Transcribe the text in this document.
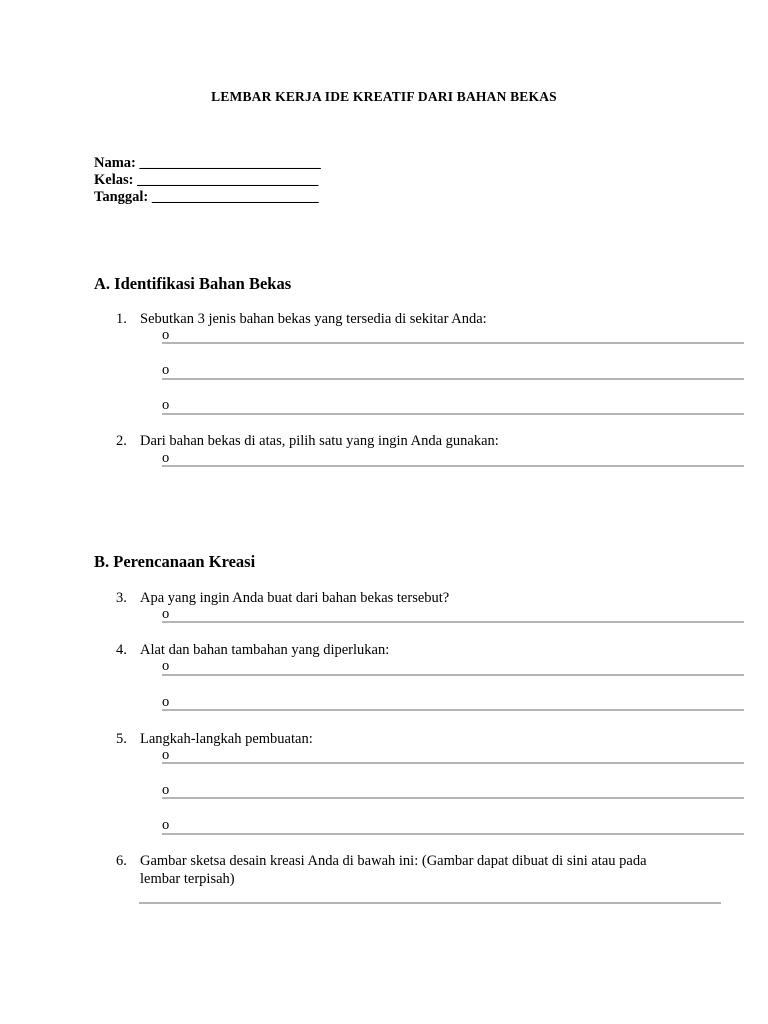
LEMBAR KERJA IDE KREATIF DARI BAHAN BEKAS
Nama: _________________________
Kelas: _________________________
Tanggal: _______________________
A. Identifikasi Bahan Bekas
1. Sebutkan 3 jenis bahan bekas yang tersedia di sekitar Anda:
o
o
o
2. Dari bahan bekas di atas, pilih satu yang ingin Anda gunakan:
o
B. Perencanaan Kreasi
3. Apa yang ingin Anda buat dari bahan bekas tersebut?
o
4. Alat dan bahan tambahan yang diperlukan:
o
o
5. Langkah-langkah pembuatan:
o
o
o
6. Gambar sketsa desain kreasi Anda di bawah ini: (Gambar dapat dibuat di sini atau pada lembar terpisah)
